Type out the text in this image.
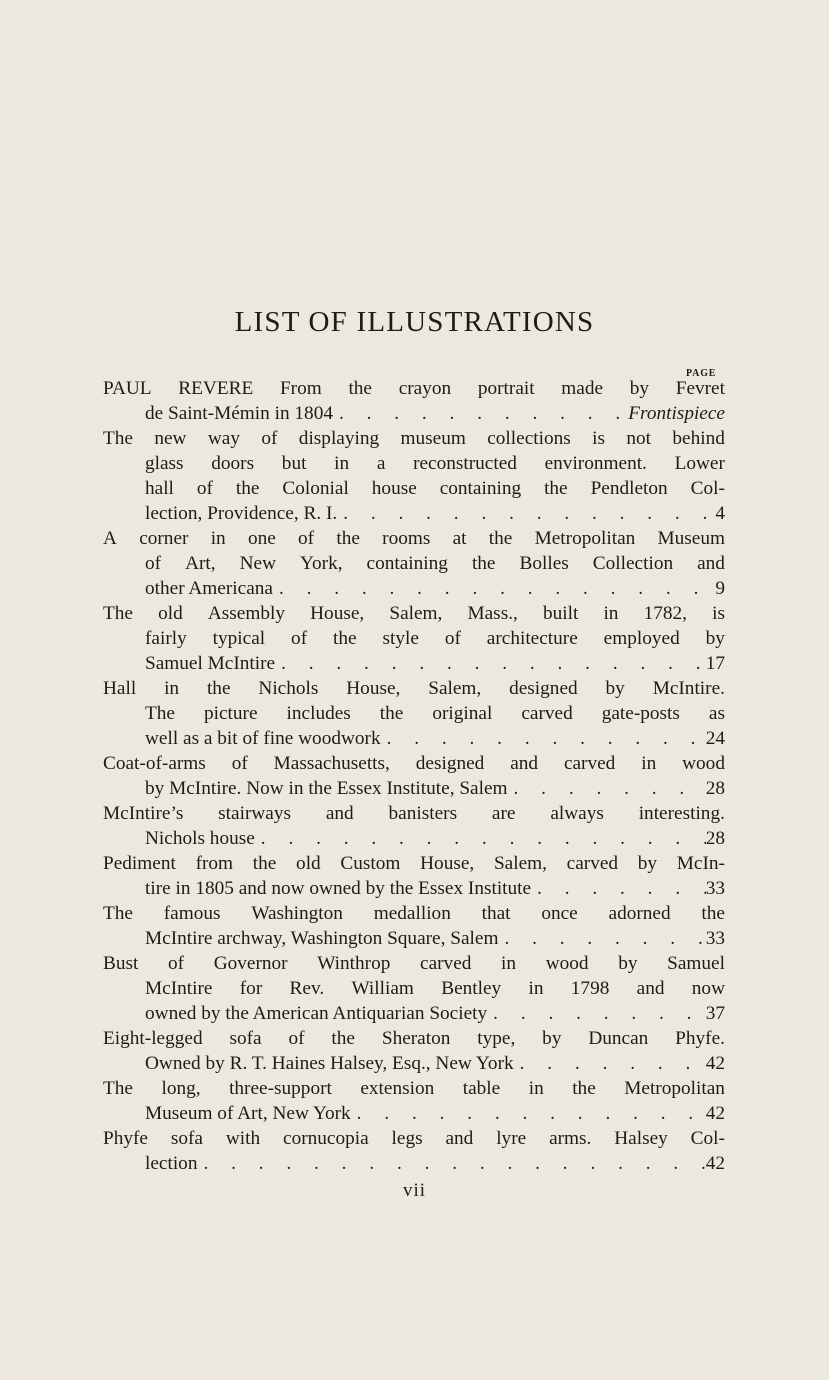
LIST OF ILLUSTRATIONS
PAGE
PAUL REVERE From the crayon portrait made by Fevret
de Saint-Mémin in 1804 . . .	Frontispiece
The new way of displaying museum collections is not behind
glass doors but in a reconstructed environment. Lower
hall of the Colonial house containing the Pendleton Col-
lection, Providence, R. I. . . .	4
A corner in one of the rooms at the Metropolitan Museum
of Art, New York, containing the Bolles Collection and
other Americana . . .	9
The old Assembly House, Salem, Mass., built in 1782, is
fairly typical of the style of architecture employed by
Samuel McIntire . . .	17
Hall in the Nichols House, Salem, designed by McIntire.
The picture includes the original carved gate-posts as
well as a bit of fine woodwork . . .	24
Coat-of-arms of Massachusetts, designed and carved in wood
by McIntire. Now in the Essex Institute, Salem . . .	28
McIntire’s stairways and banisters are always interesting.
Nichols house . . .	28
Pediment from the old Custom House, Salem, carved by McIn-
tire in 1805 and now owned by the Essex Institute . . .	33
The famous Washington medallion that once adorned the
McIntire archway, Washington Square, Salem . . .	33
Bust of Governor Winthrop carved in wood by Samuel
McIntire for Rev. William Bentley in 1798 and now
owned by the American Antiquarian Society . . .	37
Eight-legged sofa of the Sheraton type, by Duncan Phyfe.
Owned by R. T. Haines Halsey, Esq., New York . . .	42
The long, three-support extension table in the Metropolitan
Museum of Art, New York . . .	42
Phyfe sofa with cornucopia legs and lyre arms. Halsey Col-
lection . . .	42
vii
